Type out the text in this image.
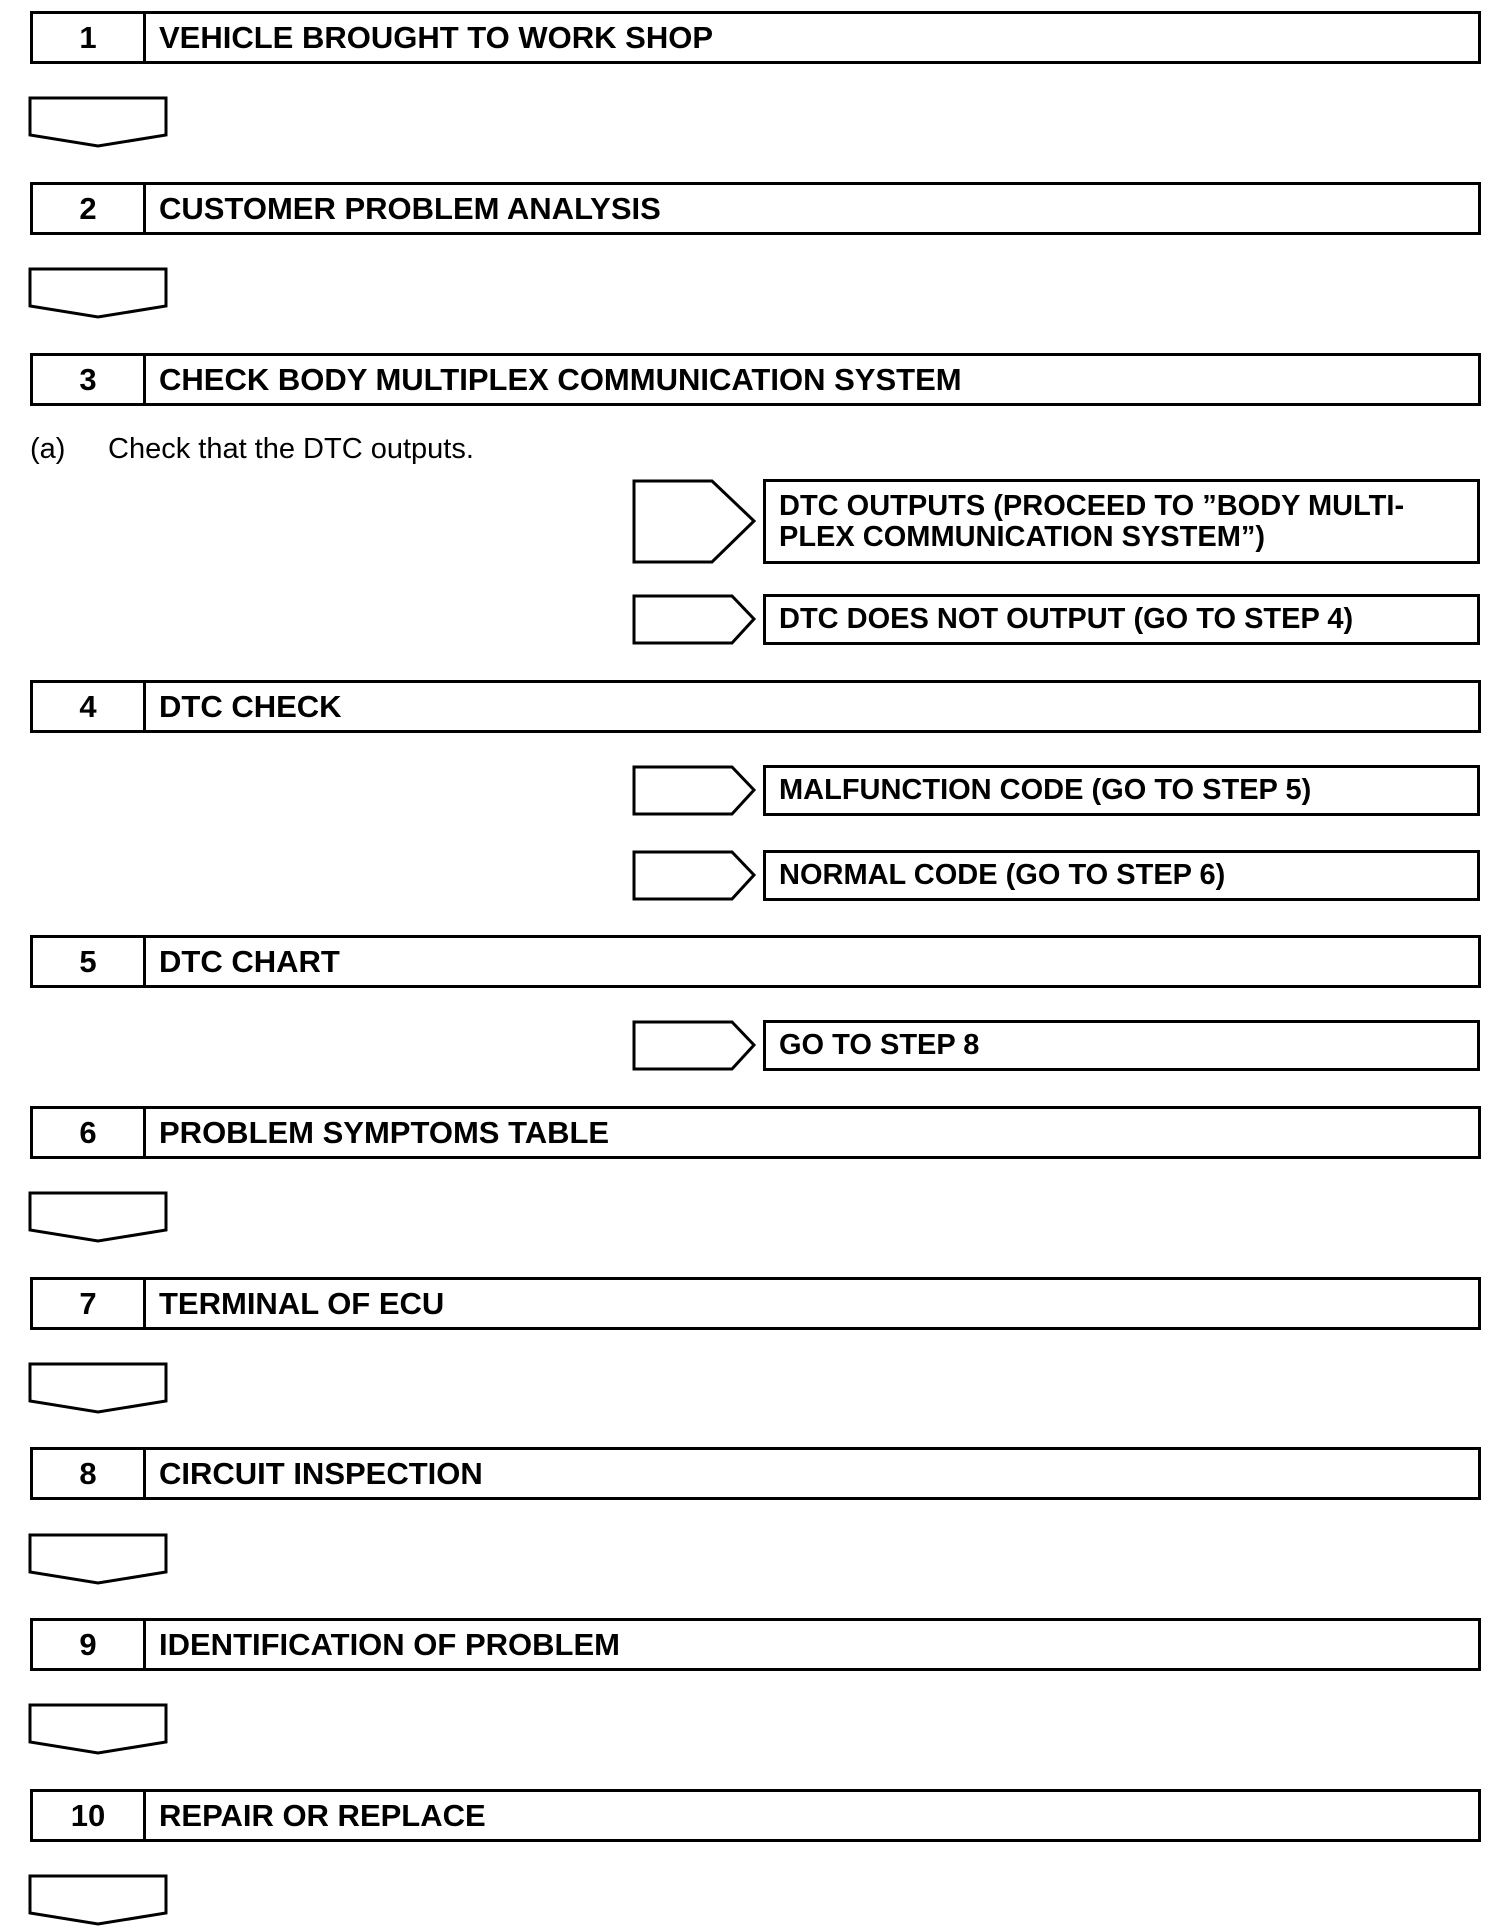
1	VEHICLE BROUGHT TO WORK SHOP
2	CUSTOMER PROBLEM ANALYSIS
3	CHECK BODY MULTIPLEX COMMUNICATION SYSTEM
4	DTC CHECK
5	DTC CHART
6	PROBLEM SYMPTOMS TABLE
7	TERMINAL OF ECU
8	CIRCUIT INSPECTION
9	IDENTIFICATION OF PROBLEM
10	REPAIR OR REPLACE
(a) Check that the DTC outputs.
DTC OUTPUTS (PROCEED TO ”BODY MULTI-
PLEX COMMUNICATION SYSTEM”)
DTC DOES NOT OUTPUT (GO TO STEP 4)
MALFUNCTION CODE (GO TO STEP 5)
NORMAL CODE (GO TO STEP 6)
GO TO STEP 8
